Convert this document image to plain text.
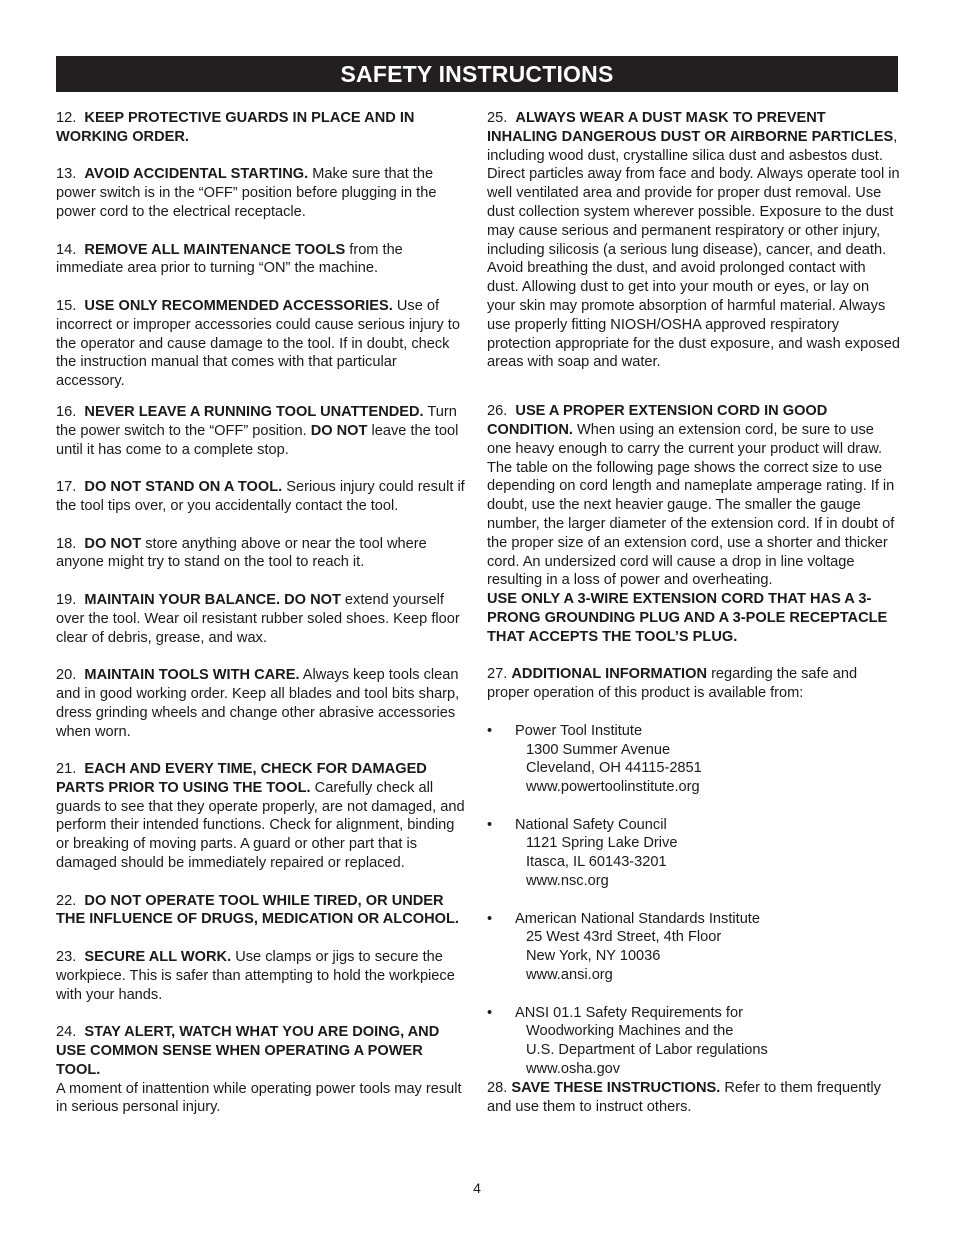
SAFETY INSTRUCTIONS

12. KEEP PROTECTIVE GUARDS IN PLACE AND IN WORKING ORDER.

13. AVOID ACCIDENTAL STARTING. Make sure that the power switch is in the “OFF” position before plugging in the power cord to the electrical receptacle.

14. REMOVE ALL MAINTENANCE TOOLS from the immediate area prior to turning “ON” the machine.

15. USE ONLY RECOMMENDED ACCESSORIES. Use of incorrect or improper accessories could cause serious injury to the operator and cause damage to the tool. If in doubt, check the instruction manual that comes with that particular accessory.

16. NEVER LEAVE A RUNNING TOOL UNATTENDED. Turn the power switch to the “OFF” position. DO NOT leave the tool until it has come to a complete stop.

17. DO NOT STAND ON A TOOL. Serious injury could result if the tool tips over, or you accidentally contact the tool.

18. DO NOT store anything above or near the tool where anyone might try to stand on the tool to reach it.

19. MAINTAIN YOUR BALANCE. DO NOT extend yourself over the tool. Wear oil resistant rubber soled shoes. Keep floor clear of debris, grease, and wax.

20. MAINTAIN TOOLS WITH CARE. Always keep tools clean and in good working order. Keep all blades and tool bits sharp, dress grinding wheels and change other abrasive accessories when worn.

21. EACH AND EVERY TIME, CHECK FOR DAMAGED PARTS PRIOR TO USING THE TOOL. Carefully check all guards to see that they operate properly, are not damaged, and perform their intended functions. Check for alignment, binding or breaking of moving parts. A guard or other part that is damaged should be immediately repaired or replaced.

22. DO NOT OPERATE TOOL WHILE TIRED, OR UNDER THE INFLUENCE OF DRUGS, MEDICATION OR ALCOHOL.

23. SECURE ALL WORK. Use clamps or jigs to secure the workpiece. This is safer than attempting to hold the workpiece with your hands.

24. STAY ALERT, WATCH WHAT YOU ARE DOING, AND USE COMMON SENSE WHEN OPERATING A POWER TOOL.
A moment of inattention while operating power tools may result in serious personal injury.

25. ALWAYS WEAR A DUST MASK TO PREVENT INHALING DANGEROUS DUST OR AIRBORNE PARTICLES, including wood dust, crystalline silica dust and asbestos dust. Direct particles away from face and body. Always operate tool in well ventilated area and provide for proper dust removal. Use dust collection system wherever possible. Exposure to the dust may cause serious and permanent respiratory or other injury, including silicosis (a serious lung disease), cancer, and death. Avoid breathing the dust, and avoid prolonged contact with dust. Allowing dust to get into your mouth or eyes, or lay on your skin may promote absorption of harmful material. Always use properly fitting NIOSH/OSHA approved respiratory protection appropriate for the dust exposure, and wash exposed areas with soap and water.

26. USE A PROPER EXTENSION CORD IN GOOD CONDITION. When using an extension cord, be sure to use one heavy enough to carry the current your product will draw. The table on the following page shows the correct size to use depending on cord length and nameplate amperage rating. If in doubt, use the next heavier gauge. The smaller the gauge number, the larger diameter of the extension cord. If in doubt of the proper size of an extension cord, use a shorter and thicker cord. An undersized cord will cause a drop in line voltage resulting in a loss of power and overheating.
USE ONLY A 3-WIRE EXTENSION CORD THAT HAS A 3-PRONG GROUNDING PLUG AND A 3-POLE RECEPTACLE THAT ACCEPTS THE TOOL’S PLUG.

27. ADDITIONAL INFORMATION regarding the safe and proper operation of this product is available from:

•	Power Tool Institute
1300 Summer Avenue
Cleveland, OH 44115-2851
www.powertoolinstitute.org
•	National Safety Council
1121 Spring Lake Drive
Itasca, IL 60143-3201
www.nsc.org
•	American National Standards Institute
25 West 43rd Street, 4th Floor
New York, NY 10036
www.ansi.org
•	ANSI 01.1 Safety Requirements for
Woodworking Machines and the
U.S. Department of Labor regulations
www.osha.gov

28. SAVE THESE INSTRUCTIONS. Refer to them frequently and use them to instruct others.

4
